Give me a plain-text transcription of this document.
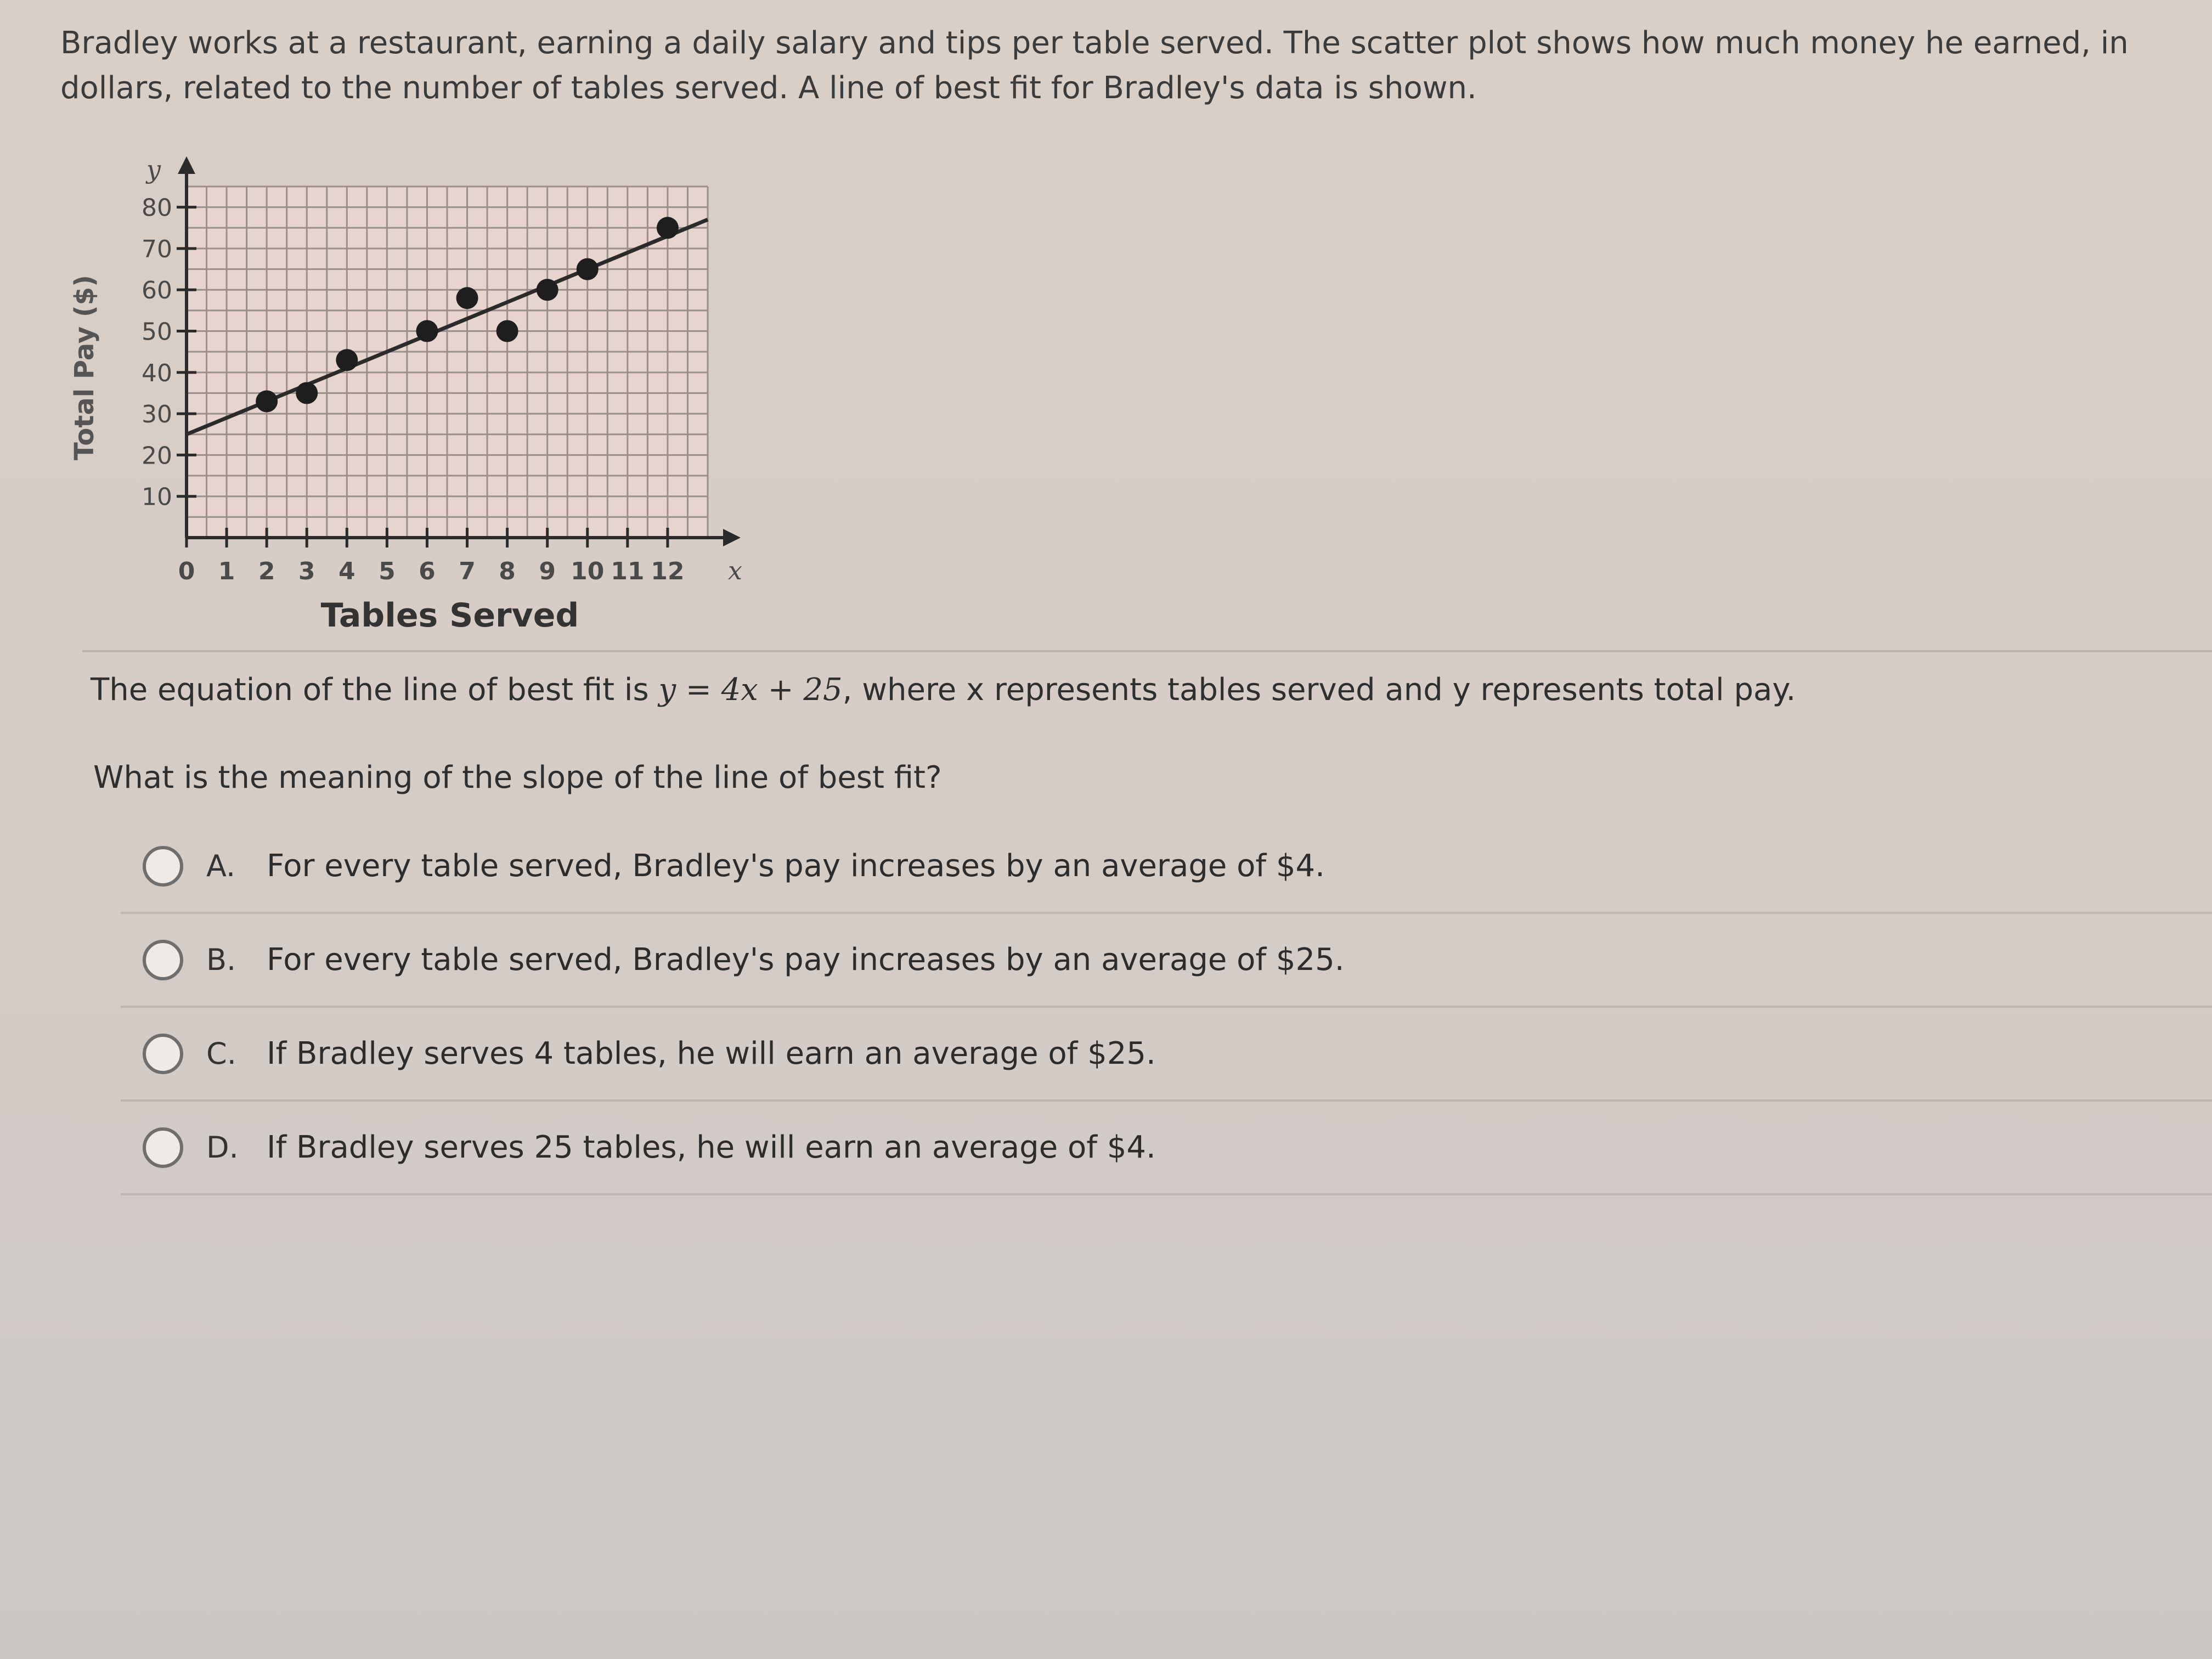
Bradley works at a restaurant, earning a daily salary and tips per table served. The scatter plot shows how much money he earned, in dollars, related to the number of tables served. A line of best fit for Bradley's data is shown.

10
20
30
40
50
60
70
80
0 1 2 3 4 5 6 7 8 9 10 11 12 x
y
Tables Served
Total Pay ($)
The equation of the line of best fit is y = 4x + 25, where x represents tables served and y represents total pay.
What is the meaning of the slope of the line of best fit?
A.	For every table served, Bradley's pay increases by an average of $4.
B. For every table served, Bradley's pay increases by an average of $25.
C. If Bradley serves 4 tables, he will earn an average of $25.
D. If Bradley serves 25 tables, he will earn an average of $4.
